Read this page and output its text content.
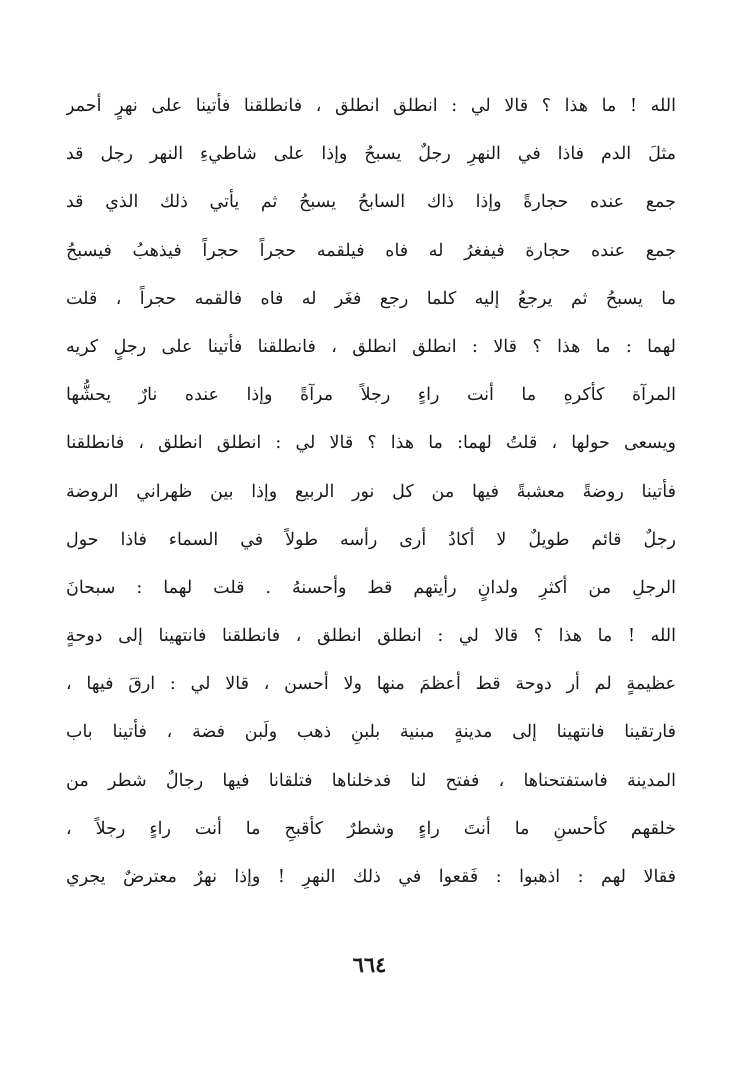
الله ! ما هذا ؟ قالا لي : انطلق انطلق ، فانطلقنا فأتينا على نهرٍ أحمر
مثلَ الدم فاذا في النهرِ رجلٌ يسبحُ وإذا على شاطيءِ النهر رجل قد
جمع عنده حجارةً وإذا ذاك السابحُ يسبحُ ثم يأتي ذلك الذي قد
جمع عنده حجارة فيفغرُ له فاه فيلقمه حجراً حجراً فيذهبُ فيسبحُ
ما يسبحُ ثم يرجعُ إليه كلما رجع فغَر له فاه فالقمه حجراً ، قلت
لهما : ما هذا ؟ قالا : انطلق انطلق ، فانطلقنا فأتينا على رجلٍ كريه
المرآة كأكرهِ ما أنت راءٍ رجلاً مرآةً وإذا عنده نارٌ يحشُّها
ويسعى حولها ، قلتُ لهما: ما هذا ؟ قالا لي : انطلق انطلق ، فانطلقنا
فأتينا روضةً معشبةً فيها من كل نور الربيع وإذا بين ظهراني الروضة
رجلٌ قائم طويلٌ لا أكادُ أرى رأسه طولاً في السماء فاذا حول
الرجلِ من أكثرِ ولدانٍ رأيتهم قط وأحسنهُ . قلت لهما : سبحانَ
الله ! ما هذا ؟ قالا لي : انطلق انطلق ، فانطلقنا فانتهينا إلى دوحةٍ
عظيمةٍ لم أر دوحة قط أعظمَ منها ولا أحسن ، قالا لي : ارقَ فيها ،
فارتقينا فانتهينا إلى مدينةٍ مبنية بلبنِ ذهب ولَبن فضة ، فأتينا باب
المدينة فاستفتحناها ، ففتح لنا فدخلناها فتلقانا فيها رجالٌ شطر من
خلقهم كأحسنِ ما أنتَ راءٍ وشطرٌ كأقبحِ ما أنت راءٍ رجلاً ،
فقالا لهم : اذهبوا : فَقعوا في ذلك النهرِ ! وإذا نهرٌ معترضٌ يجري
٦٦٤
